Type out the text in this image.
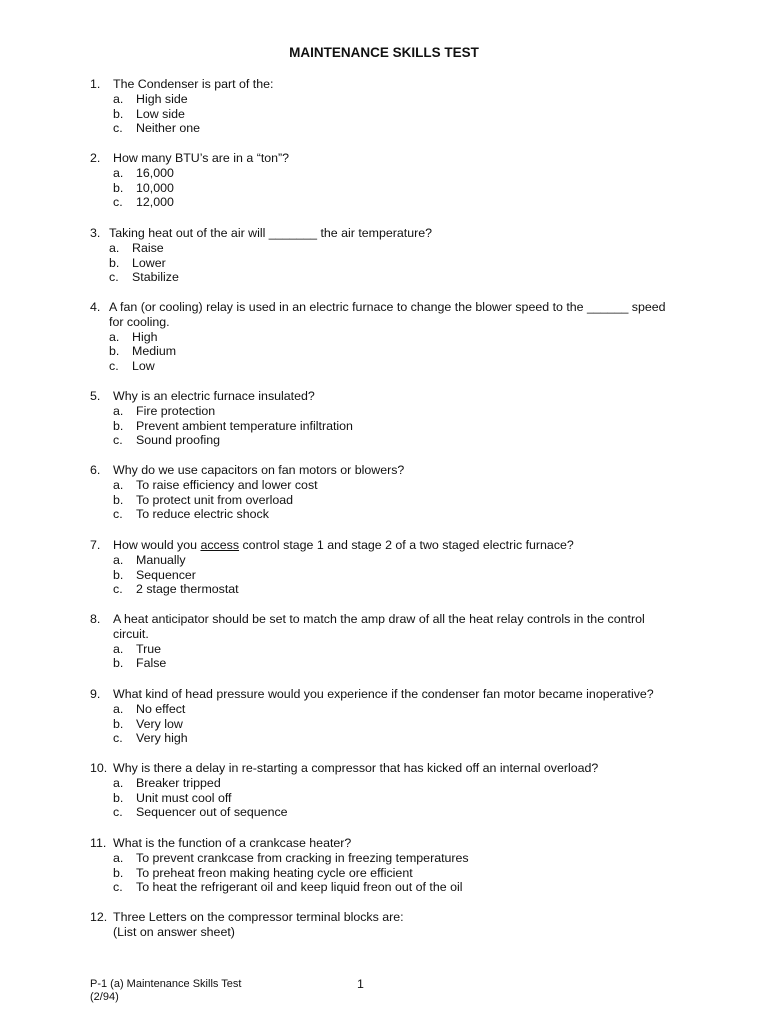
MAINTENANCE SKILLS TEST
1.	The Condenser is part of the:
a.	High side
b.	Low side
c.	Neither one
2.	How many BTU’s are in a “ton”?
a.	16,000
b.	10,000
c.	12,000
3. Taking heat out of the air will _______ the air temperature?
a.	Raise
b.	Lower
c.	Stabilize
4. A fan (or cooling) relay is used in an electric furnace to change the blower speed to the ______ speed
for cooling.
a.	High
b.	Medium
c.	Low
5.	Why is an electric furnace insulated?
a.	Fire protection
b.	Prevent ambient temperature infiltration
c.	Sound proofing
6.	Why do we use capacitors on fan motors or blowers?
a.	To raise efficiency and lower cost
b.	To protect unit from overload
c.	To reduce electric shock
7.	How would you access control stage 1 and stage 2 of a two staged electric furnace?
a.	Manually
b.	Sequencer
c.	2 stage thermostat
8.	A heat anticipator should be set to match the amp draw of all the heat relay controls in the control
circuit.
a.	True
b.	False
9.	What kind of head pressure would you experience if the condenser fan motor became inoperative?
a.	No effect
b.	Very low
c.	Very high
10. Why is there a delay in re-starting a compressor that has kicked off an internal overload?
a.	Breaker tripped
b.	Unit must cool off
c.	Sequencer out of sequence
11. What is the function of a crankcase heater?
a.	To prevent crankcase from cracking in freezing temperatures
b.	To preheat freon making heating cycle ore efficient
c.	To heat the refrigerant oil and keep liquid freon out of the oil
12. Three Letters on the compressor terminal blocks are:
(List on answer sheet)
P-1 (a) Maintenance Skills Test
(2/94)
1
